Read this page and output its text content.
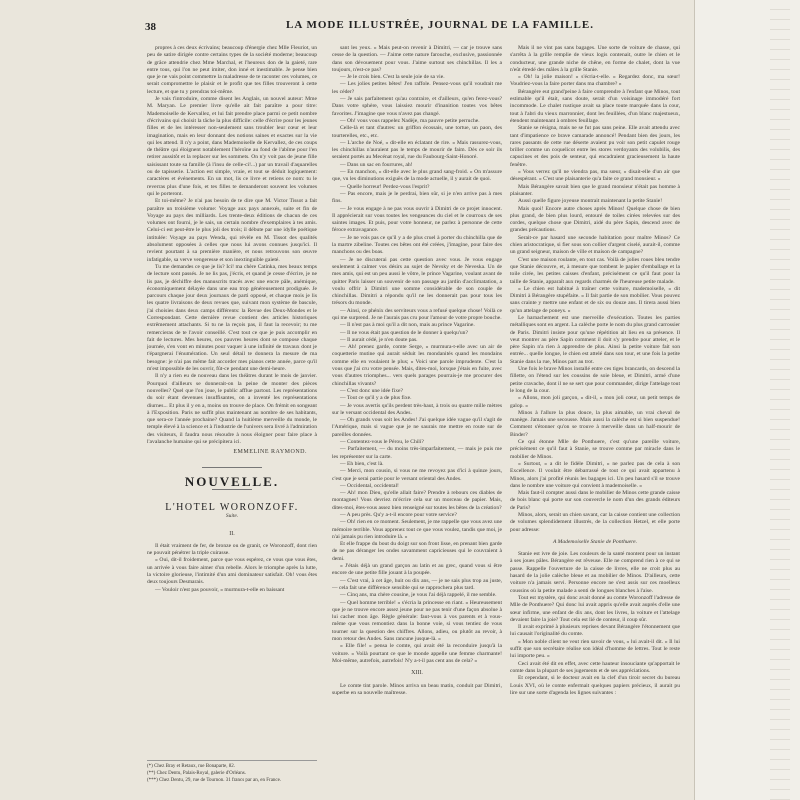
38	LA MODE ILLUSTRÉE, JOURNAL DE LA FAMILLE.

propres à ces deux écrivains; beaucoup d'énergie chez Mlle Fleuriot, un peu de satire dirigée contre certains types de la société moderne; beaucoup de grâce attendrie chez Mme Marchal, et l'heureux don de la gaieté, rare entre tous, qui l'on ne peut imiter, don inné et inestimable. Je pense bien que je ne vais point commettre la maladresse de te raconter ces volumes, ce serait compromettre le plaisir et le profit que tes filles trouveront à cette lecture, et que tu y prendras toi-même.

Je vais t'introduire, comme disent les Anglais, un nouvel auteur: Mme M. Maryan. Le premier livre qu'elle ait fait paraître a pour titre: Mademoiselle de Kervallez, et lui fait prendre place parmi ce petit nombre d'écrivains qui choisit la tâche la plus difficile: celle d'écrire pour les jeunes filles et de les intéresser non-seulement sans troubler leur cœur et leur imagination, mais en leur donnant des notions saines et exactes sur la vie qui les attend. Il n'y a point, dans Mademoiselle de Kervallez, de ces coups de théâtre qui éloignent notablement l'héroïne au fond de l'abîme pour l'en retirer aussitôt et la replacer sur les sommets. On n'y voit pas de jeune fille saisissant toute sa famille (à l'insu de celle-ci!...) par un travail d'aquarelles ou de tapisserie. L'action est simple, vraie, et tout se déduit logiquement: caractères et événements. En un mot, lis ce livre et retiens ce nom: tu le reverras plus d'une fois, et tes filles te demanderont souvent les volumes qui le porteront.

Et toi-même? Je n'ai pas besoin de te dire que M. Victor Tissot a fait paraître un troisième volume: Voyage aux pays annexés, suite et fin de Voyage au pays des milliards. Les trente-deux éditions de chacun de ces volumes ont fourni, je le sais, un certain nombre d'exemplaires à tes amis. Celui-ci est peut-être le plus joli des trois; il débute par une idylle poétique intitulée: Voyage au pays Wenda, qui révèle en M. Tissot des qualités absolument opposées à celles que nous lui avons connues jusqu'ici. Il revient pourtant à sa première manière, et nous retrouvons son œuvre infatigable, sa verve vengeresse et son inextinguible gaieté.

Tu me demandes ce que je lis? Ici! ma chère Catinka, mes beaux temps de lecture sont passés. Je ne lis pas, j'écris, et quand je cesse d'écrire, je ne lis pas, je déchiffre des manuscrits tracés avec une encre pâle, anémique, économiquement délayée dans une eau trop généreusement prodiguée. Je parcours chaque jour deux journaux de parti opposé, et chaque mois je lis les quatre livraisons de deux revues que, suivant mon système de bascule, j'ai choisies dans deux camps différents: la Revue des Deux-Mondes et le Correspondant. Cette dernière revue contient des articles historiques extrêmement attachants. Si tu ne la reçois pas, il faut la recevoir; tu me remercieras de te l'avoir conseillé. C'est tout ce que je puis accomplir en fait de lectures. Mes heures, ces pauvres heures dont se compose chaque journée, s'en vont en minutes pour vaquer à une infinité de travaux dont je t'épargnerai l'énumération. Un seul détail te donnera la mesure de ma besogne: je n'ai pas même fait accorder mes pianos cette année, parce qu'il m'est impossible de les ouvrir, fût-ce pendant une demi-heure.

Il n'y a rien eu de nouveau dans les théâtres durant le mois de janvier. Pourquoi d'ailleurs se donnerait-on la peine de monter des pièces nouvelles? Quel que l'on joue, le public afflue partout. Les représentations du soir étant devenues insuffisantes, on a inventé les représentations diurnes... Et plus il y en a, moins on trouve de place. On frémit en songeant à l'Exposition. Paris ne suffit plus maintenant au nombre de ses habitants, que sera-ce l'année prochaine? Quand la huitième merveille du monde, le temple élevé à la science et à l'industrie de l'univers sera livré à l'admiration des visiteurs, il faudra nous résoudre à nous éloigner pour faire place à l'avalanche humaine qui se précipitera ici.

EMMELINE RAYMOND.

NOUVELLE.
L'HOTEL WORONZOFF.
Suite.

II.

Il était vraiment de fer, de bronze ou de granit, ce Woronzoff, dont rien ne pouvait pénétrer la triple cuirasse.

« Oui, dit-il froidement, parce que vous espérez, ce vous que vous êtes, un arrivée à vous faire aimer d'un rebelle. Alors le triomphe après la lutte, la victoire glorieuse, l'intimité d'un ami dominateur satisfait. Oh! vous êtes deux toujours Desmarais.

— Vouloir n'est pas pouvoir, » murmura-t-elle en baissant

(*) Chez Bray et Retaux, rue Bonaparte, 82.
(**) Chez Dentu, Palais-Royal, galerie d'Orléans.
(***) Chez Dentu, 29, rue de Tournon. 31 francs par an, en France.

sant les yeux. « Mais peut-on revenir à Dimitri, — car je trouve sans cesse de la question. — J'aime cette nature farouche, exclusive, passionnée dans son dévouement pour vous. J'aime surtout ses chinchillas. Il les a toujours, n'est-ce pas?

— Je le crois bien. C'est la seule joie de sa vie.

— Les jolies petites bêtes! J'en raffole. Pensez-vous qu'il voudrait me les céder?

— Je sais parfaitement qu'au contraire, et d'ailleurs, qu'en ferez-vous? Dans votre sphère, vous laissiez mourir d'inanition toutes vos bêtes favorites. J'imagine que vous n'avez pas changé.

— Oh! vous vous rappelez Nadèje, ma pauvre petite perruche.

Celle-là et tant d'autres: un griffon écossais, une tortue, un paon, des tourterelles, etc., etc.

— L'arche de Noé, » dit-elle en éclatant de rire. « Mais rassurez-vous, les chinchillas n'auraient pas le temps de mourir de faim. Dès ce soir ils seraient portés au Mecénat royal, rue du Faubourg-Saint-Honoré.

— Dans un sac en fourrures, ah!

— En manchon, » dit-elle avec le plus grand sang-froid. « On m'assure que, vu les diminutions exiguës de la mode actuelle, il y aurait de quoi.

— Quelle horreur! Perdez-vous l'esprit?

— Pas encore, mais je le perdrai, bien sûr, si je n'en arrive pas à mes fins.

— Je vous engage à ne pas vous ouvrir à Dimitri de ce projet innocent. Il apprécierait sur vous toutes les vengeances du ciel et le courroux de ses saintes images. Et puis, pour votre honneur, ne parlez à personne de cette féroce extravagance.

— Je ne vois pas ce qu'il y a de plus cruel à porter du chinchilla que de la martre zibeline. Toutes ces bêtes ont été créées, j'imagine, pour faire des manchons ou des boas.

— Je ne discuterai pas cette question avec vous. Je vous engage seulement à calmer vos désirs au sujet de Nevsky et de Neveska. Un de mes amis, qui est un peu aussi le vôtre, le prince Vagarine, voulant avant de quitter Paris laisser un souvenir de son passage au jardin d'acclimatation, a voulu offrir à Dimitri une somme considérable de son couple de chinchillas. Dimitri a répondu qu'il ne les donnerait pas pour tous les trésors du monde.

— Ainsi, ce phénix des serviteurs vous a refusé quelque chose! Voilà ce qui me surprend. Je ne l'aurais pas cru pour l'amour de votre propre bouche.

— Il n'est pas à moi qu'il a dit non, mais au prince Vagarine.

— Il ne vous était pas question de le donner à quelqu'un?

— Il aurait cédé, je n'en doute pas.

— Ah! prenez garde, comte Serge, » murmura-t-elle avec un air de coquetterie mutine qui aurait séduit les mondanités quand les mondains comme elle en voulaient le plus; « Voici une parole imprudente. C'est la vous que j'ai cru votre pensée. Mais, dites-moi, lorsque j'étais en fuite, avec vous d'autres triomphes... vers quels parages pourrais-je me procurer des chinchillas vivants?

— C'est donc une idée fixe?

— Tout ce qu'il y a de plus fixe.

— Je vous avertis qu'ils perdent très-haut, à trois ou quatre mille mètres sur le versant occidental des Andes.

— Oh grands vous soit les Andes! J'ai quelque idée vague qu'il s'agit de l'Amérique, mais si vague que je ne saurais me mettre en route sur de pareilles données.

— Contentez-vous le Pérou, le Chili?

— Parfaitement, — du moins très-imparfaitement, — mais je puis me les représenter sur la carte.

— Eh bien, c'est là.

— Merci, mon cousin, si vous ne me revoyez pas d'ici à quinze jours, c'est que je serai partie pour le versant oriental des Andes.

— Occidental, occidental!

— Ah! mon Dieu, qu'elle allait faire? Prendre à rebours ces diables de montagnes! Vous devriez m'écrire cela sur un morceau de papier. Mais, dites-moi, êtes-vous assez bien renseigné sur toutes les bêtes de la création?

— A peu près. Qu'y a-t-il encore pour votre service?

— Oh! rien en ce moment. Seulement, je me rappelle que vous avez une mémoire terrible. Vous apprenez tout ce que vous voulez, tandis que moi, je n'ai jamais pu rien introduire là. »

Et elle frappe du bout du doigt sur son front lisse, en prenant bien garde de ne pas déranger les ondes savamment capricieuses qui le couvraient à demi.

« J'étais déjà un grand garçon au latin et au grec, quand vous si être encore de une petite fille jouant à la poupée.

— C'est vrai, à cet âge, huit ou dix ans, — je ne sais plus trop au juste, — cela fait une différence sensible qui se rapprochera plus tard.

— Cinq ans, ma chère cousine, je vous l'ai déjà rappelé, il me semble.

— Quel homme terrible! » s'écria la princesse en riant. « Heureusement que je ne trouve encore assez jeune pour ne pas tenir d'une façon absolue à lui cacher mon âge. Règle générale: faut-vous à vos parents et à vous-même que vous remontiez dans la bonne voie, si vous tentiez de vous tourner sur la question des chiffres. Allons, adieu, ou plutôt au revoir, à mon retour des Andes. Sans rancune jusque-là. »

« Elle file! » pensa le comte, qui avait été la reconduire jusqu'à la voiture. « Voilà pourtant ce que le monde appelle une femme charmante! Moi-même, autrefois, autrefois! N'y a-t-il pas cent ans de cela? »

XIII.

Le comte tint parole. Minos arriva un beau matin, conduit par Dimitri, superbe en sa nouvelle maîtresse.

Mais il ne vint pas sans bagages. Une sorte de voiture de chasse, qui s'arrêta à la grille remplie de vieux logis contenait, outre le chien et le conducteur, une grande niche de chêne, en forme de chalet, dont la vue n'eût étredé des mâles à la grille Stanie.

« Oh! la jolie maison! » s'écria-t-elle. « Regardez donc, ma sœur! Voudriez-vous la faire porter dans ma chambre? »

Bérangère eut grand'peine à faire comprendre à l'enfant que Minos, tout estimable qu'il était, sans doute, serait d'un voisinage immodéré fort incommode. Le chalet rustique avait sa place toute marquée dans la cour, tout à l'abri du vieux marronnier, dont les feuillées, d'un blanc majestueux, étendent maintenant à ombres feuillage.

Stanie se résigna, mais ne se fut pas sans peine. Elle avait attendu avec tant d'impatience ce brave camarade annoncé! Pendant bien des jours, les rares passants de cette rue déserte avaient pu voir son petit capulet rouge briller comme un coquelicot entre les stores verdoyants des volubilis, des capucines et des pois de senteur, qui encadraient gracieusement la haute fenêtre.

« Vous verrez qu'il ne viendra pas, ma sœur, » disait-elle d'un air que désespérant. « C'est une plaisanterie qu'a faite ce grand monsieur. »

Mais Bérangère savait bien que le grand monsieur n'était pas homme à plaisanter.

Aussi quelle figure joyeuse montrait maintenant la petite Stanie!

Mais quoi! Encore autre choses après Minos! Quelque chose de bien plus grand, de bien plus lourd, entouré de toiles cirées relevées sur des cordes, quelque chose que Dimitri, aidé du père Sapin, descend avec de grandes précautions.

Serait-ce par hasard une seconde habitation pour maître Minos? Ce chien aristocratique, si fier sous son collier d'argent ciselé, aurait-il, comme un grand seigneur, maison de ville et maison de campagne?

C'est une maison roulante, en tout cas. Voilà de jolies roues bleu tendre que Stanie découvre, et, à mesure que tombent le papier d'emballage et la toile cirée, les petites caisses d'enfant, précisément ce qu'il faut pour la taille de Stanie, apparaît aux regards charmés de l'heureuse petite malade.

« Le chien est habitué à traîner cette voiture, mademoiselle, » dit Dimitri à Bérangère stupéfaite. « Il fait partie de son mobilier. Vous pouvez sans crainte y mettre une enfant et de six ou douze ans. Il tirera aussi bien qu'un attelage de poneys. »

Le harnachement est une merveille d'exécution. Toutes les parties métalliques sont en argent. La calèche porte le nom du plus grand carrossier de Paris. Dimitri insiste pour qu'une répétition ait lieu en sa présence. Il veut montrer au père Sapin comment il doit s'y prendre pour atteler, et le père Sapin n'a rien à apprendre de plus. Ainsi la petite voiture fait son entrée... quelle longue, le chien est attelé dans son tour, et une fois la petite Stanie dans la rue, Minos part au trot.

Une fois le brave Minos installé entre ces tiges brancards, on descend la fillette, on l'étend sur les coussins de soie bleue, et Dimitri, armé d'une petite cravache, dont il ne se sert que pour commander, dirige l'attelage tout le long de la cour.

« Allons, mon joli garçon, » dit-il, « mon joli cœur, un petit temps de galop. »

Minos à l'allure la plus douce, la plus aimable, un vrai cheval de manège. Jamais une secousse. Mais aussi la calèche est si bien suspendue! Comment s'étonner qu'on se trouve à merveille dans un half-mourir de Binder?

Ce qui étonne Mlle de Ponthuere, c'est qu'une pareille voiture, précisément ce qu'il faut à Stanie, se trouve comme par miracle dans le mobilier de Minos.

« Surtout, » a dit le fidèle Dimitri, « ne parlez pas de cela à son Excellence. Il voulait être débarrassé de tout ce qui avait appartenu à Minos, alors j'ai profité réunis les bagages ici. Un peu hasard s'il se trouve dans le nombre une voiture qui convient à mademoiselle. »

Mais faut-il compter aussi dans le mobilier de Minos cette grande caisse de bois blanc qui porte sur son couvercle le nom d'un des grands éditeurs de Paris?

Minos, alors, serait un chien savant, car la caisse contient une collection de volumes splendidement illustrés, de la collection Hetzel, et elle porte pour adresse:

A Mademoiselle Stanie de Ponthuere.

Stanie est ivre de joie. Les couleurs de la santé montent pour un instant à ses joues pâles. Bérangère est rêveuse. Elle ne comprend rien à ce qui se passe. Rappelle l'ouverture de la caisse de livres, elle ne croit plus au hasard de la jolie calèche bleue et au mobilier de Minos. D'ailleurs, cette voiture n'a jamais servi. Personne encore ne s'est assis sur ces moelleux coussins où la petite malade a senti de longues blanches à l'aise.

Tout est mystère, qui donc avait donné au comte Woronzoff l'adresse de Mlle de Ponthuere? Qui donc lui avait appris qu'elle avait auprès d'elle une sœur infirme, une enfant de dix ans, dont les livres, la voiture et l'attelage devaient faire la joie? Tout cela est lié de conteur, il coup sûr.

Il avait exprimé à plusieurs reprises devant Bérangère l'étonnement que lui causait l'originalité du comte.

« Mon noble client ne veut rien savoir de vous, » lui avait-il dit. « Il lui suffit que son secrétaire réalise son idéal d'homme de lettres. Tout le reste lui importe peu. »

Ceci avait été dit en effet, avec cette hauteur insouciante qu'apportait le comte dans la plupart de ses jugements et de ses appréciations.

Et cependant, si le docteur avait en la clef d'un tiroir secret du bureau Louis XVI, où le comte enfermait quelques papiers précieux, il aurait pu lire sur une sorte d'agenda les lignes suivantes :
